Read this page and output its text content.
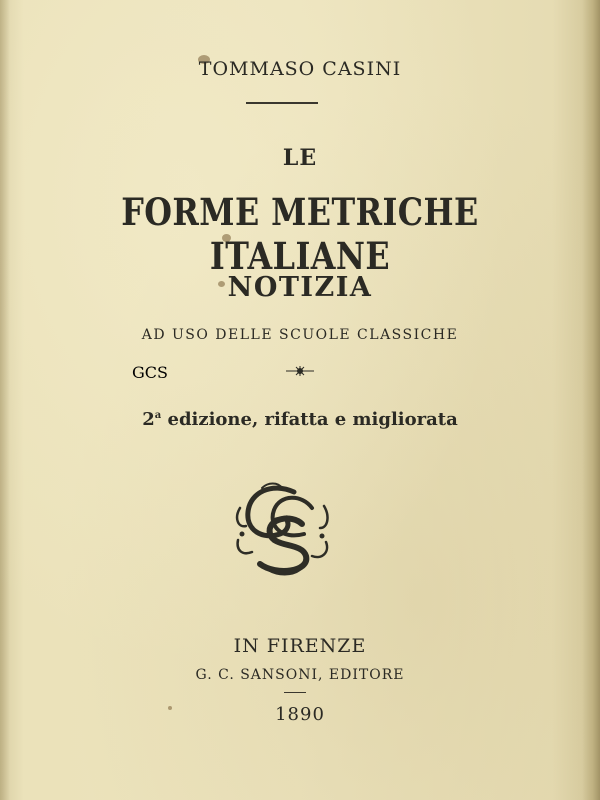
TOMMASO CASINI
LE
FORME METRICHE ITALIANE
NOTIZIA
AD USO DELLE SCUOLE CLASSICHE
2$^a$ edizione, rifatta e migliorata
GCS
IN FIRENZE
G. C. SANSONI, EDITORE
1890
